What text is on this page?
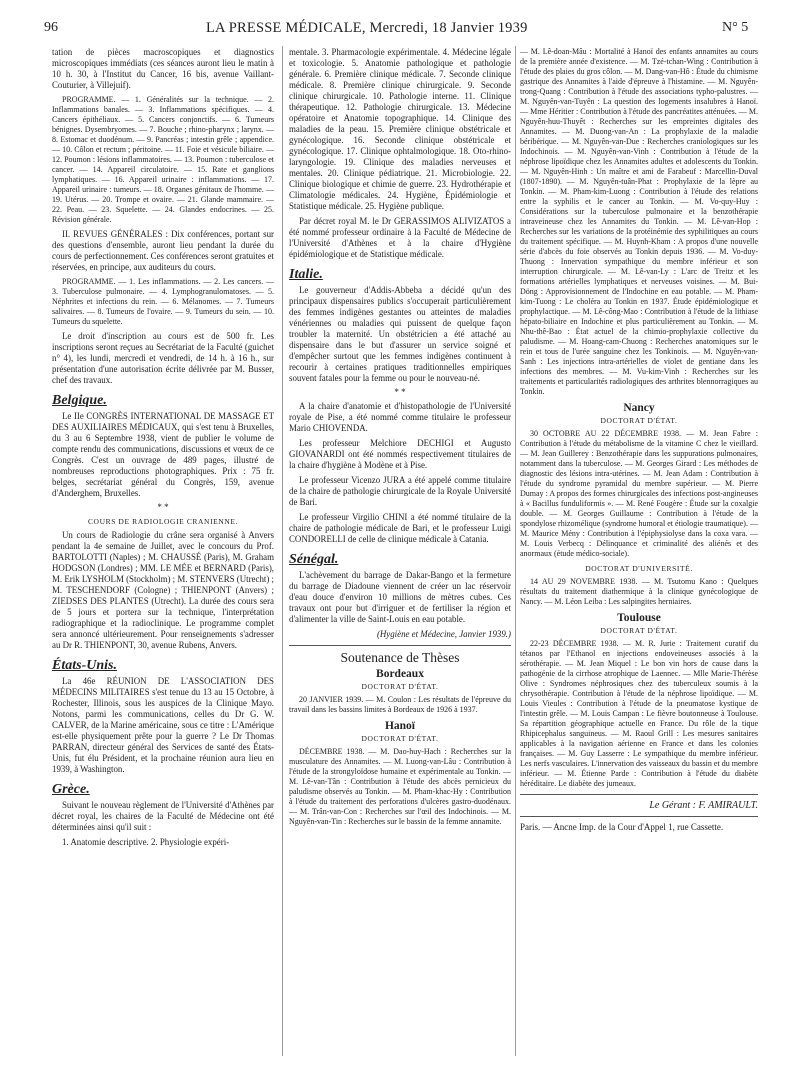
96	LA PRESSE MÉDICALE, Mercredi, 18 Janvier 1939	N° 5

tation de pièces macroscopiques et diagnostics microscopiques immédiats (ces séances auront lieu le matin à 10 h. 30, à l'Institut du Cancer, 16 bis, avenue Vaillant-Couturier, à Villejuif).

PROGRAMME. — 1. Généralités sur la technique. — 2. Inflammations banales. — 3. Inflammations spécifiques. — 4. Cancers épithéliaux. — 5. Cancers conjonctifs. — 6. Tumeurs bénignes. Dysembryomes. — 7. Bouche ; rhino-pharynx ; larynx. — 8. Estomac et duodénum. — 9. Pancréas ; intestin grêle ; appendice. — 10. Côlon et rectum ; péritoine. — 11. Foie et vésicule biliaire. — 12. Poumon : lésions inflammatoires. — 13. Poumon : tuberculose et cancer. — 14. Appareil circulatoire. — 15. Rate et ganglions lymphatiques. — 16. Appareil urinaire : inflammations. — 17. Appareil urinaire : tumeurs. — 18. Organes génitaux de l'homme. — 19. Utérus. — 20. Trompe et ovaire. — 21. Glande mammaire. — 22. Peau. — 23. Squelette. — 24. Glandes endocrines. — 25. Révision générale.

II. REVUES GÉNÉRALES : Dix conférences, portant sur des questions d'ensemble, auront lieu pendant la durée du cours de perfectionnement. Ces conférences seront gratuites et réservées, en principe, aux auditeurs du cours.

PROGRAMME. — 1. Les inflammations. — 2. Les cancers. — 3. Tuberculose pulmonaire. — 4. Lymphogranulomatoses. — 5. Néphrites et infections du rein. — 6. Mélanomes. — 7. Tumeurs salivaires. — 8. Tumeurs de l'ovaire. — 9. Tumeurs du sein. — 10. Tumeurs du squelette.

Le droit d'inscription au cours est de 500 fr. Les inscriptions seront reçues au Secrétariat de la Faculté (guichet n° 4), les lundi, mercredi et vendredi, de 14 h. à 16 h., sur présentation d'une autorisation écrite délivrée par M. Busser, chef des travaux.

Belgique.

Le IIe CONGRÈS INTERNATIONAL DE MASSAGE ET DES AUXILIAIRES MÉDICAUX, qui s'est tenu à Bruxelles, du 3 au 6 Septembre 1938, vient de publier le volume de compte rendu des communications, discussions et vœux de ce Congrès. C'est un ouvrage de 489 pages, illustré de nombreuses reproductions photographiques. Prix : 75 fr. belges, secrétariat général du Congrès, 159, avenue d'Anderghem, Bruxelles.

* *
COURS DE RADIOLOGIE CRANIENNE.

Un cours de Radiologie du crâne sera organisé à Anvers pendant la 4e semaine de Juillet, avec le concours du Prof. BARTOLOTTI (Naples) ; M. CHAUSSÉ (Paris), M. Graham HODGSON (Londres) ; MM. LE MÉE et BERNARD (Paris), M. Erik LYSHOLM (Stockholm) ; M. STENVERS (Utrecht) ; M. TESCHENDORF (Cologne) ; THIENPONT (Anvers) ; ZIEDSES DES PLANTES (Utrecht). La durée des cours sera de 5 jours et portera sur la technique, l'interprétation radiographique et la radioclinique. Le programme complet sera annoncé ultérieurement. Pour renseignements s'adresser au Dr R. THIENPONT, 30, avenue Rubens, Anvers.

États-Unis.

La 46e RÉUNION DE L'ASSOCIATION DES MÉDECINS MILITAIRES s'est tenue du 13 au 15 Octobre, à Rochester, Illinois, sous les auspices de la Clinique Mayo. Notons, parmi les communications, celles du Dr G. W. CALVER, de la Marine américaine, sous ce titre : L'Amérique est-elle physiquement prête pour la guerre ? Le Dr Thomas PARRAN, directeur général des Services de santé des États-Unis, fut élu Président, et la prochaine réunion aura lieu en 1939, à Washington.

Grèce.

Suivant le nouveau règlement de l'Université d'Athènes par décret royal, les chaires de la Faculté de Médecine ont été déterminées ainsi qu'il suit :

1. Anatomie descriptive. 2. Physiologie expéri-

mentale. 3. Pharmacologie expérimentale. 4. Médecine légale et toxicologie. 5. Anatomie pathologique et pathologie générale. 6. Première clinique médicale. 7. Seconde clinique médicale. 8. Première clinique chirurgicale. 9. Seconde clinique chirurgicale. 10. Pathologie interne. 11. Clinique thérapeutique. 12. Pathologie chirurgicale. 13. Médecine opératoire et Anatomie topographique. 14. Clinique des maladies de la peau. 15. Première clinique obstétricale et gynécologique. 16. Seconde clinique obstétricale et gynécologique. 17. Clinique ophtalmologique. 18. Oto-rhino-laryngologie. 19. Clinique des maladies nerveuses et mentales. 20. Clinique pédiatrique. 21. Microbiologie. 22. Clinique biologique et chimie de guerre. 23. Hydrothérapie et Climatologie médicales. 24. Hygiène, Épidémiologie et Statistique médicale. 25. Hygiène publique.

Par décret royal M. le Dr GERASSIMOS ALIVIZATOS a été nommé professeur ordinaire à la Faculté de Médecine de l'Université d'Athènes et à la chaire d'Hygiène épidémiologique et de Statistique médicale.

Italie.

Le gouverneur d'Addis-Abbeba a décidé qu'un des principaux dispensaires publics s'occuperait particulièrement des femmes indigènes gestantes ou atteintes de maladies vénériennes ou maladies qui puissent de quelque façon troubler la maternité. Un obstétricien a été attaché au dispensaire dans le but d'assurer un service soigné et d'empêcher surtout que les femmes indigènes continuent à recourir à certaines pratiques traditionnelles empiriques souvent fatales pour la femme ou pour le nouveau-né.

* *

A la chaire d'anatomie et d'histopathologie de l'Université royale de Pise, a été nommé comme titulaire le professeur Mario CHIOVENDA.

Les professeur Melchiore DECHIGI et Augusto GIOVANARDI ont été nommés respectivement titulaires de la chaire d'hygiène à Modène et à Pise.

Le professeur Vicenzo JURA a été appelé comme titulaire de la chaire de pathologie chirurgicale de la Royale Université de Bari.

Le professeur Virgilio CHINI a été nommé titulaire de la chaire de pathologie médicale de Bari, et le professeur Luigi CONDORELLI de celle de clinique médicale à Catania.

Sénégal.

L'achèvement du barrage de Dakar-Bango et la fermeture du barrage de Diadoune viennent de créer un lac réservoir d'eau douce d'environ 10 millions de mètres cubes. Ces travaux ont pour but d'irriguer et de fertiliser la région et d'alimenter la ville de Saint-Louis en eau potable.

(Hygiène et Médecine, Janvier 1939.)
Soutenance de Thèses
Bordeaux
DOCTORAT D'ÉTAT.

20 JANVIER 1939. — M. Coulon : Les résultats de l'épreuve du travail dans les bassins limites à Bordeaux de 1926 à 1937.

Hanoï
DOCTORAT D'ÉTAT.

DÉCEMBRE 1938. — M. Dao-huy-Hach : Recherches sur la musculature des Annamites. — M. Luong-van-Lâu : Contribution à l'étude de la strongyloïdose humaine et expérimentale au Tonkin. — M. Lê-van-Tân : Contribution à l'étude des abcès pernicieux du paludisme observés au Tonkin. — M. Pham-khac-Hy : Contribution à l'étude du traitement des perforations d'ulcères gastro-duodénaux. — M. Trân-van-Con : Recherches sur l'œil des Indochinois. — M. Nguyên-van-Tin : Recherches sur le bassin de la femme annamite.

— M. Lê-doan-Mâu : Mortalité à Hanoï des enfants annamites au cours de la première année d'existence. — M. Tzé-tchan-Wing : Contribution à l'étude des plaies du gros côlon. — M. Dang-van-Hô : Étude du chimisme gastrique des Annamites à l'aide d'épreuve à l'histamine. — M. Nguyên-trong-Quang : Contribution à l'étude des associations typho-palustres. — M. Nguyên-van-Tuyên : La question des logements insalubres à Hanoï. — Mme Héritier : Contribution à l'étude des pancréatites atténuées. — M. Nguyên-huu-Thuyết : Recherches sur les empreintes digitales des Annamites. — M. Duong-van-An : La prophylaxie de la maladie béribérique. — M. Nguyên-van-Due : Recherches craniologiques sur les Indochinois. — M. Nguyên-van-Vinh : Contribution à l'étude de la néphrose lipoïdique chez les Annamites adultes et adolescents du Tonkin. — M. Nguyên-Hinh : Un maître et ami de Farabeuf : Marcellin-Duval (1807-1890). — M. Nguyên-tuân-Phat : Prophylaxie de la lèpre au Tonkin. — M. Pham-kim-Luong : Contribution à l'étude des relations entre la syphilis et le cancer au Tonkin. — M. Vo-quy-Huy : Considérations sur la tuberculose pulmonaire et la benzothérapie intraveineuse chez les Annamites du Tonkin. — M. Lê-van-Hop : Recherches sur les variations de la protéinémie des syphilitiques au cours du traitement spécifique. — M. Huynh-Kham : A propos d'une nouvelle série d'abcès du foie observés au Tonkin depuis 1936. — M. Vo-duy-Thuong : Innervation sympathique du membre inférieur et son interruption chirurgicale. — M. Lê-van-Ly : L'arc de Treitz et les formations artérielles lymphatiques et nerveuses voisines. — M. Bui-Döng : Approvisionnement de l'Indochine en eau potable. — M. Pham-kim-Tuong : Le choléra au Tonkin en 1937. Étude épidémiologique et prophylactique. — M. Lê-công-Mao : Contribution à l'étude de la lithiase hépato-biliaire en Indochine et plus particulièrement au Tonkin. — M. Nhu-thê-Bao : État actuel de la chimio-prophylaxie collective du paludisme. — M. Hoang-cam-Chuong : Recherches anatomiques sur le rein et tous de l'urée sanguine chez les Tonkinois. — M. Nguyên-van-Sanh : Les injections intra-artérielles de violet de gentiane dans les infections des membres. — M. Vu-kim-Vinh : Recherches sur les traitements et particularités radiologiques des arthrites blennorragiques au Tonkin.

Nancy
DOCTORAT D'ÉTAT.

30 OCTOBRE AU 22 DÉCEMBRE 1938. — M. Jean Fabre : Contribution à l'étude du métabolisme de la vitamine C chez le vieillard. — M. Jean Guillerey : Benzothérapie dans les suppurations pulmonaires, notamment dans la tuberculose. — M. Georges Girard : Les méthodes de diagnostic des lésions intra-utérines. — M. Jean Adam : Contribution à l'étude du syndrome pyramidal du membre supérieur. — M. Pierre Dumay : A propos des formes chirurgicales des infections post-angineuses à « Bacillus funduliformis ». — M. René Fougère : Étude sur la coxalgie double. — M. Georges Guillaume : Contribution à l'étude de la spondylose rhizomélique (syndrome humoral et étiologie traumatique). — M. Maurice Mény : Contribution à l'épiphysiolyse dans la coxa vara. — M. Louis Verbecq : Délinquance et criminalité des aliénés et des anormaux (étude médico-sociale).

DOCTORAT D'UNIVERSITÉ.

14 AU 29 NOVEMBRE 1938. — M. Tsutomu Kano : Quelques résultats du traitement diathermique à la clinique gynécologique de Nancy. — M. Léon Leiba : Les salpingites herniaires.

Toulouse
DOCTORAT D'ÉTAT.

22-23 DÉCEMBRE 1938. — M. R. Jurie : Traitement curatif du tétanos par l'Ethanol en injections endoveineuses associés à la sérothérapie. — M. Jean Miquel : Le bon vin hors de cause dans la pathogénie de la cirrhose atrophique de Laennec. — Mlle Marie-Thérèse Olive : Syndromes néphrosiques chez des tuberculeux soumis à la chrysothérapie. Contribution à l'étude de la néphrose lipoïdique. — M. Louis Vieules : Contribution à l'étude de la pneumatose kystique de l'intestin grêle. — M. Louis Campan : Le fièvre boutonneuse à Toulouse. Sa répartition géographique actuelle en France. Du rôle de la tique Rhipicephalus sanguineus. — M. Raoul Grill : Les mesures sanitaires applicables à la navigation aérienne en France et dans les colonies françaises. — M. Guy Lasserre : Le sympathique du membre inférieur. Les nerfs vasculaires. L'innervation des vaisseaux du bassin et du membre inférieur. — M. Étienne Parde : Contribution à l'étude du diabète héréditaire. Le diabète des jumeaux.

Le Gérant : F. AMIRAULT.
Paris. — Ancne Imp. de la Cour d'Appel 1, rue Cassette.
